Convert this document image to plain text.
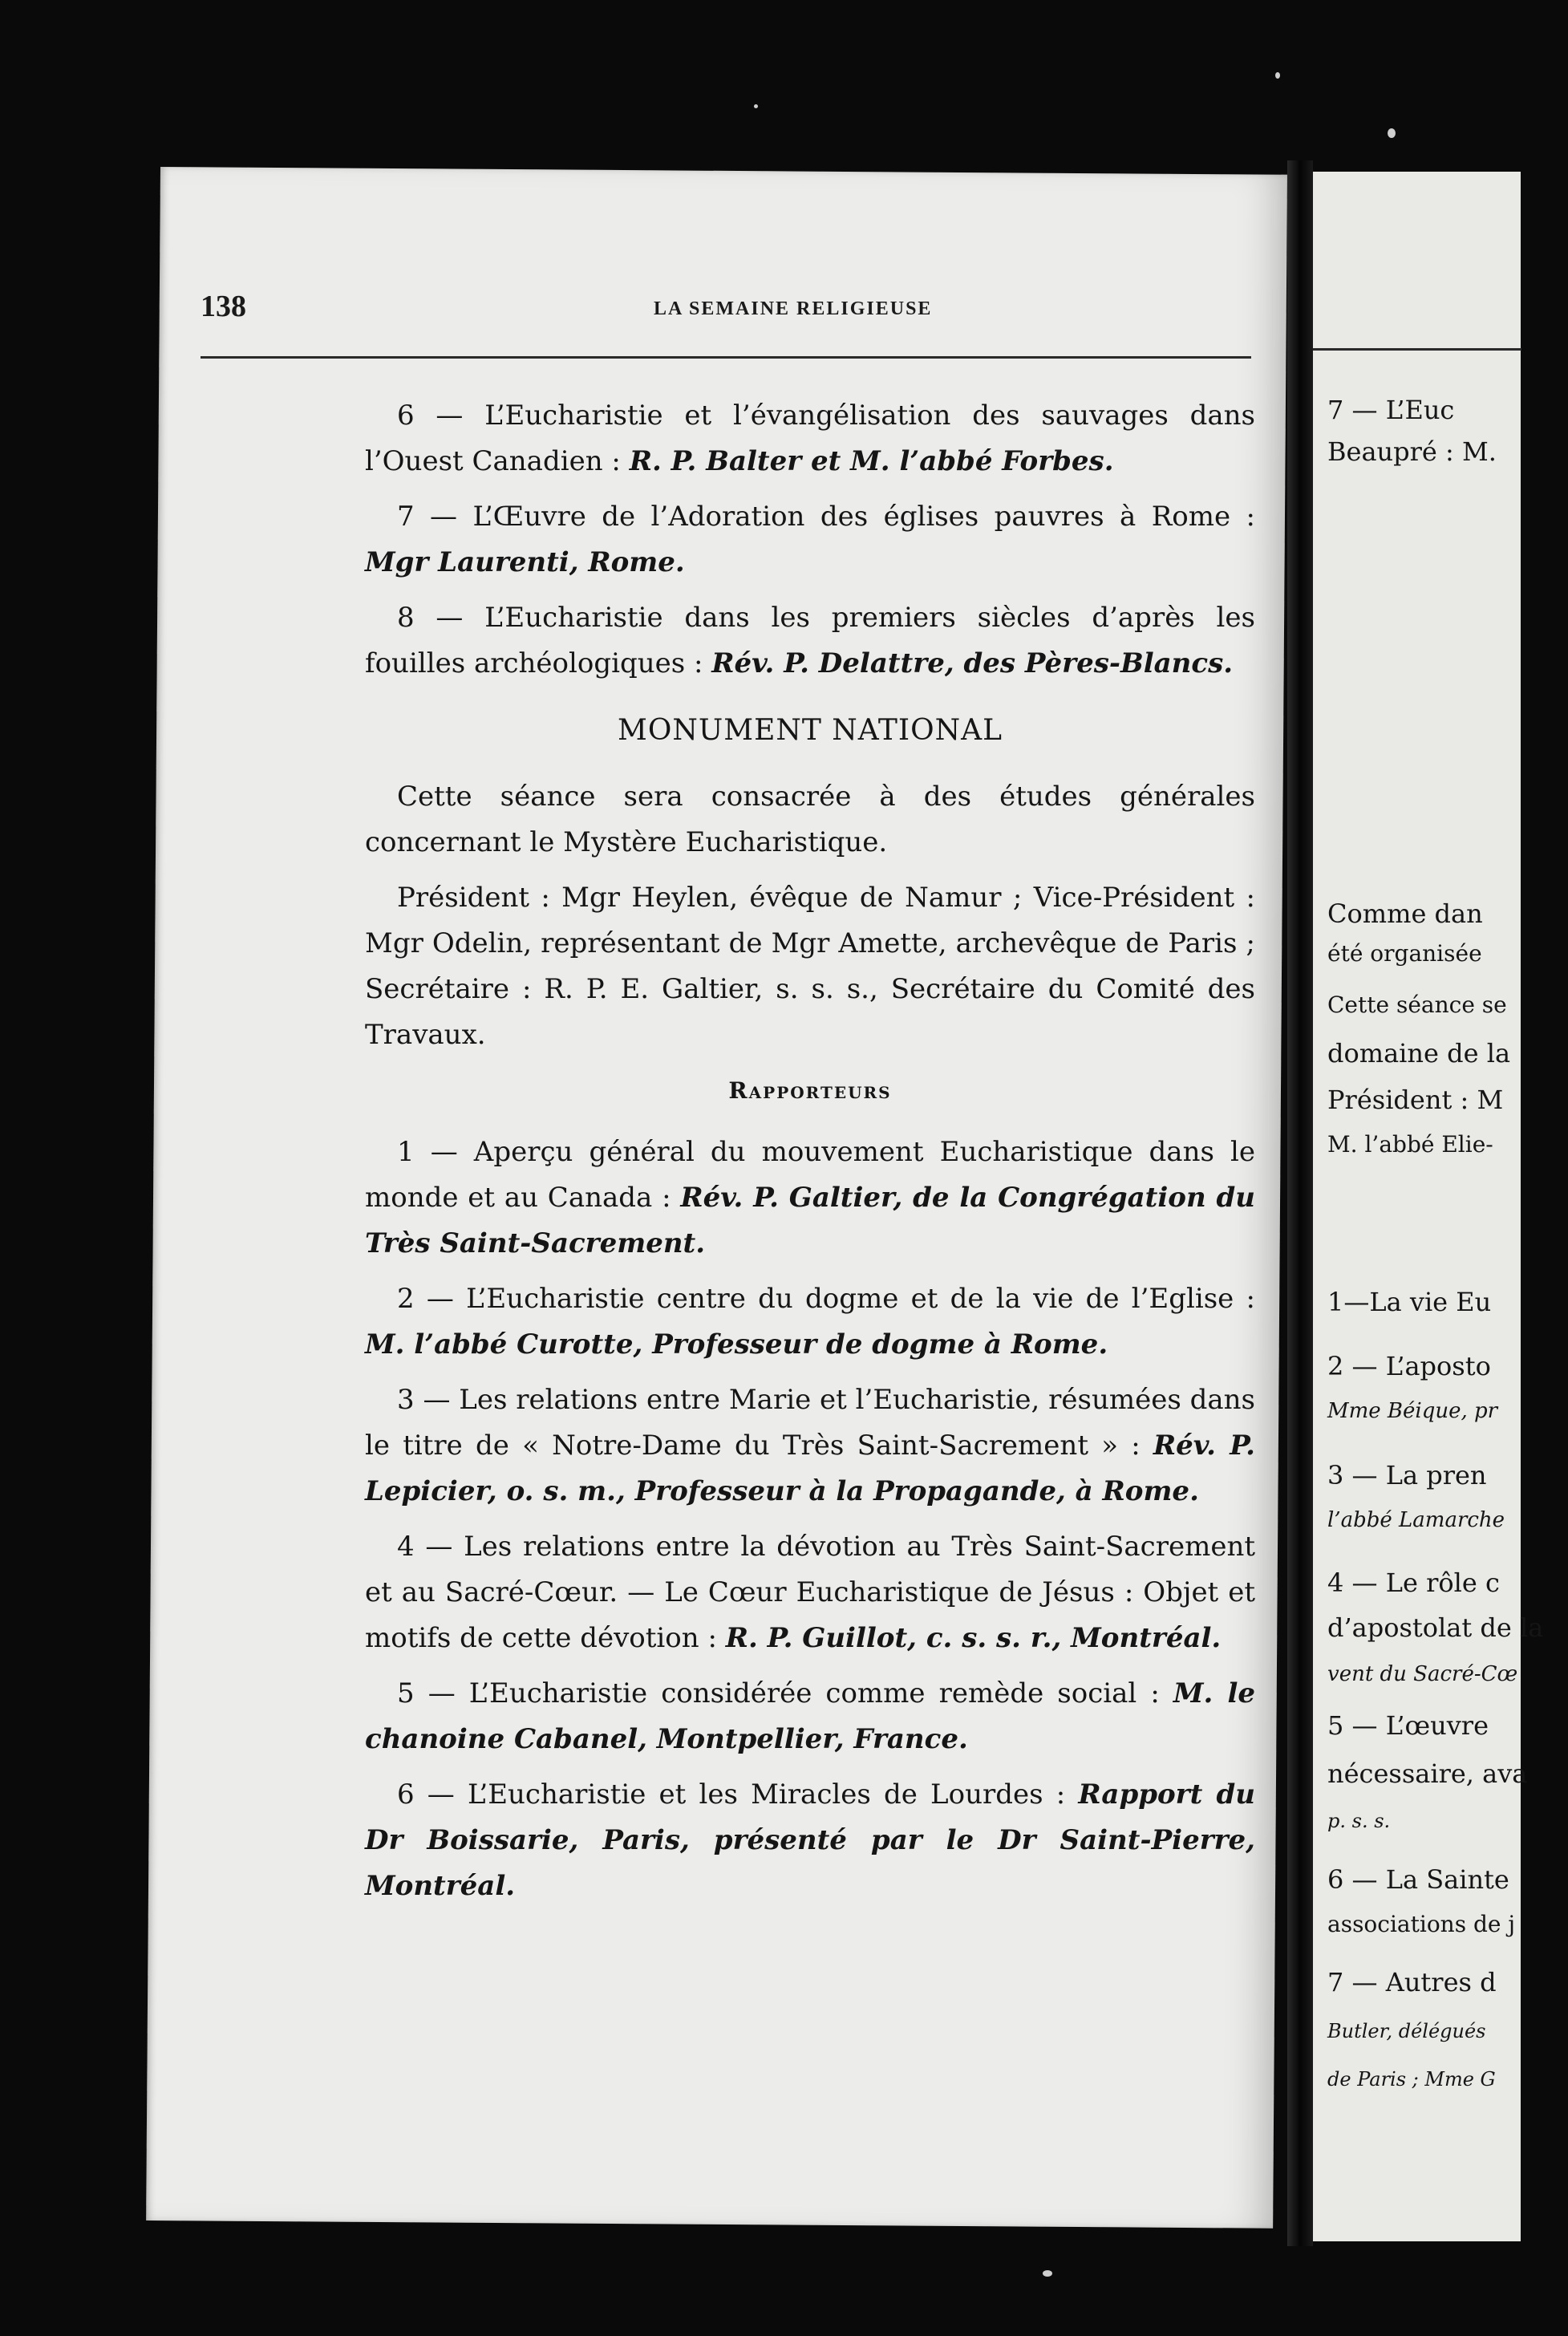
7 — L’Euc
Beaupré : M.
Comme dan
été organisée
Cette séance se
domaine de la
Président : M
M. l’abbé Elie-
1—La vie Eu
2 — L’aposto
Mme Béique, pr
3 — La pren
l’abbé Lamarche
4 — Le rôle c
d’apostolat de la
vent du Sacré-Cœ
5 — L’œuvre
nécessaire, ava
p. s. s.
6 — La Sainte
associations de j
7 — Autres d
Butler, délégués
de Paris ; Mme G
138	LA SEMAINE RELIGIEUSE

6 — L’Eucharistie et l’évangélisation des sauvages dans l’Ouest Canadien : R. P. Balter et M. l’abbé Forbes.

7 — L’Œuvre de l’Adoration des églises pauvres à Rome : Mgr Laurenti, Rome.

8 — L’Eucharistie dans les premiers siècles d’après les fouilles archéologiques : Rév. P. Delattre, des Pères-Blancs.

MONUMENT NATIONAL

Cette séance sera consacrée à des études générales concernant le Mystère Eucharistique.

Président : Mgr Heylen, évêque de Namur ; Vice-Président : Mgr Odelin, représentant de Mgr Amette, archevêque de Paris ; Secrétaire : R. P. E. Galtier, s. s. s., Secrétaire du Comité des Travaux.

Rapporteurs

1 — Aperçu général du mouvement Eucharistique dans le monde et au Canada : Rév. P. Galtier, de la Congrégation du Très Saint-Sacrement.

2 — L’Eucharistie centre du dogme et de la vie de l’Eglise : M. l’abbé Curotte, Professeur de dogme à Rome.

3 — Les relations entre Marie et l’Eucharistie, résumées dans le titre de « Notre-Dame du Très Saint-Sacrement » : Rév. P. Lepicier, o. s. m., Professeur à la Propagande, à Rome.

4 — Les relations entre la dévotion au Très Saint-Sacrement et au Sacré-Cœur. — Le Cœur Eucharistique de Jésus : Objet et motifs de cette dévotion : R. P. Guillot, c. s. s. r., Montréal.

5 — L’Eucharistie considérée comme remède social : M. le chanoine Cabanel, Montpellier, France.

6 — L’Eucharistie et les Miracles de Lourdes : Rapport du Dr Boissarie, Paris, présenté par le Dr Saint-Pierre, Montréal.
